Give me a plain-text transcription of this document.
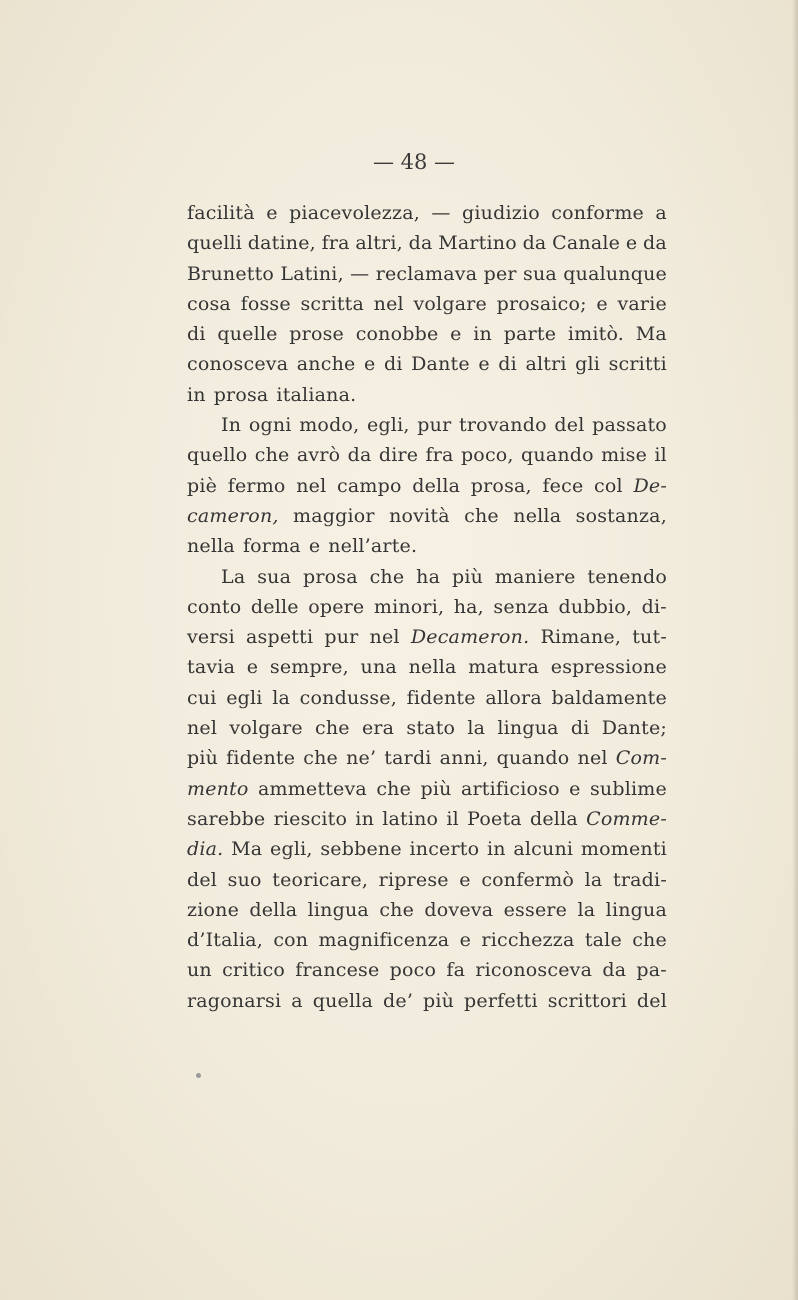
— 48 —
facilità e piacevolezza, — giudizio conforme a
quelli datine, fra altri, da Martino da Canale e da
Brunetto Latini, — reclamava per sua qualunque
cosa fosse scritta nel volgare prosaico; e varie
di quelle prose conobbe e in parte imitò. Ma
conosceva anche e di Dante e di altri gli scritti
in prosa italiana.
In ogni modo, egli, pur trovando del passato
quello che avrò da dire fra poco, quando mise il
piè fermo nel campo della prosa, fece col De-
cameron, maggior novità che nella sostanza,
nella forma e nell’arte.
La sua prosa che ha più maniere tenendo
conto delle opere minori, ha, senza dubbio, di-
versi aspetti pur nel Decameron. Rimane, tut-
tavia e sempre, una nella matura espressione
cui egli la condusse, fidente allora baldamente
nel volgare che era stato la lingua di Dante;
più fidente che ne’ tardi anni, quando nel Com-
mento ammetteva che più artificioso e sublime
sarebbe riescito in latino il Poeta della Comme-
dia. Ma egli, sebbene incerto in alcuni momenti
del suo teoricare, riprese e confermò la tradi-
zione della lingua che doveva essere la lingua
d’Italia, con magnificenza e ricchezza tale che
un critico francese poco fa riconosceva da pa-
ragonarsi a quella de’ più perfetti scrittori del
